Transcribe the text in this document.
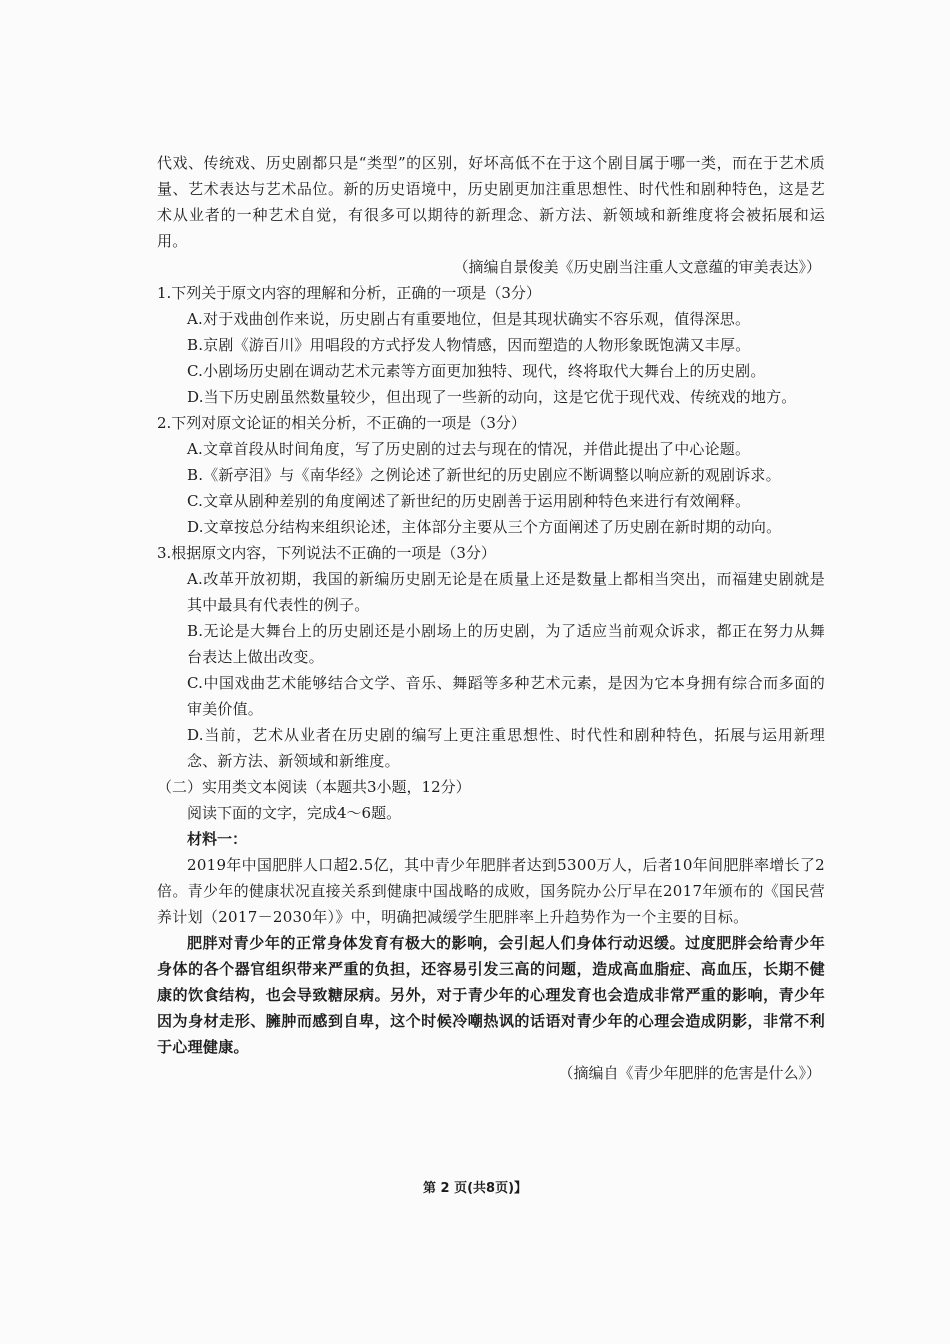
代戏、传统戏、历史剧都只是“类型”的区别，好坏高低不在于这个剧目属于哪一类，而在于艺术质量、艺术表达与艺术品位。新的历史语境中，历史剧更加注重思想性、时代性和剧种特色，这是艺术从业者的一种艺术自觉，有很多可以期待的新理念、新方法、新领域和新维度将会被拓展和运用。

（摘编自景俊美《历史剧当注重人文意蕴的审美表达》）

1.下列关于原文内容的理解和分析，正确的一项是（3分）

A.对于戏曲创作来说，历史剧占有重要地位，但是其现状确实不容乐观，值得深思。

B.京剧《游百川》用唱段的方式抒发人物情感，因而塑造的人物形象既饱满又丰厚。

C.小剧场历史剧在调动艺术元素等方面更加独特、现代，终将取代大舞台上的历史剧。

D.当下历史剧虽然数量较少，但出现了一些新的动向，这是它优于现代戏、传统戏的地方。

2.下列对原文论证的相关分析，不正确的一项是（3分）

A.文章首段从时间角度，写了历史剧的过去与现在的情况，并借此提出了中心论题。

B.《新亭泪》与《南华经》之例论述了新世纪的历史剧应不断调整以响应新的观剧诉求。

C.文章从剧种差别的角度阐述了新世纪的历史剧善于运用剧种特色来进行有效阐释。

D.文章按总分结构来组织论述，主体部分主要从三个方面阐述了历史剧在新时期的动向。

3.根据原文内容，下列说法不正确的一项是（3分）

A.改革开放初期，我国的新编历史剧无论是在质量上还是数量上都相当突出，而福建史剧就是其中最具有代表性的例子。

B.无论是大舞台上的历史剧还是小剧场上的历史剧，为了适应当前观众诉求，都正在努力从舞台表达上做出改变。

C.中国戏曲艺术能够结合文学、音乐、舞蹈等多种艺术元素，是因为它本身拥有综合而多面的审美价值。

D.当前，艺术从业者在历史剧的编写上更注重思想性、时代性和剧种特色，拓展与运用新理念、新方法、新领域和新维度。

（二）实用类文本阅读（本题共3小题，12分）

阅读下面的文字，完成4～6题。

材料一：

2019年中国肥胖人口超2.5亿，其中青少年肥胖者达到5300万人，后者10年间肥胖率增长了2倍。青少年的健康状况直接关系到健康中国战略的成败，国务院办公厅早在2017年颁布的《国民营养计划（2017－2030年）》中，明确把减缓学生肥胖率上升趋势作为一个主要的目标。

肥胖对青少年的正常身体发育有极大的影响，会引起人们身体行动迟缓。过度肥胖会给青少年身体的各个器官组织带来严重的负担，还容易引发三高的问题，造成高血脂症、高血压，长期不健康的饮食结构，也会导致糖尿病。另外，对于青少年的心理发育也会造成非常严重的影响，青少年因为身材走形、臃肿而感到自卑，这个时候冷嘲热讽的话语对青少年的心理会造成阴影，非常不利于心理健康。

（摘编自《青少年肥胖的危害是什么》）

第 2 页(共8页)】
